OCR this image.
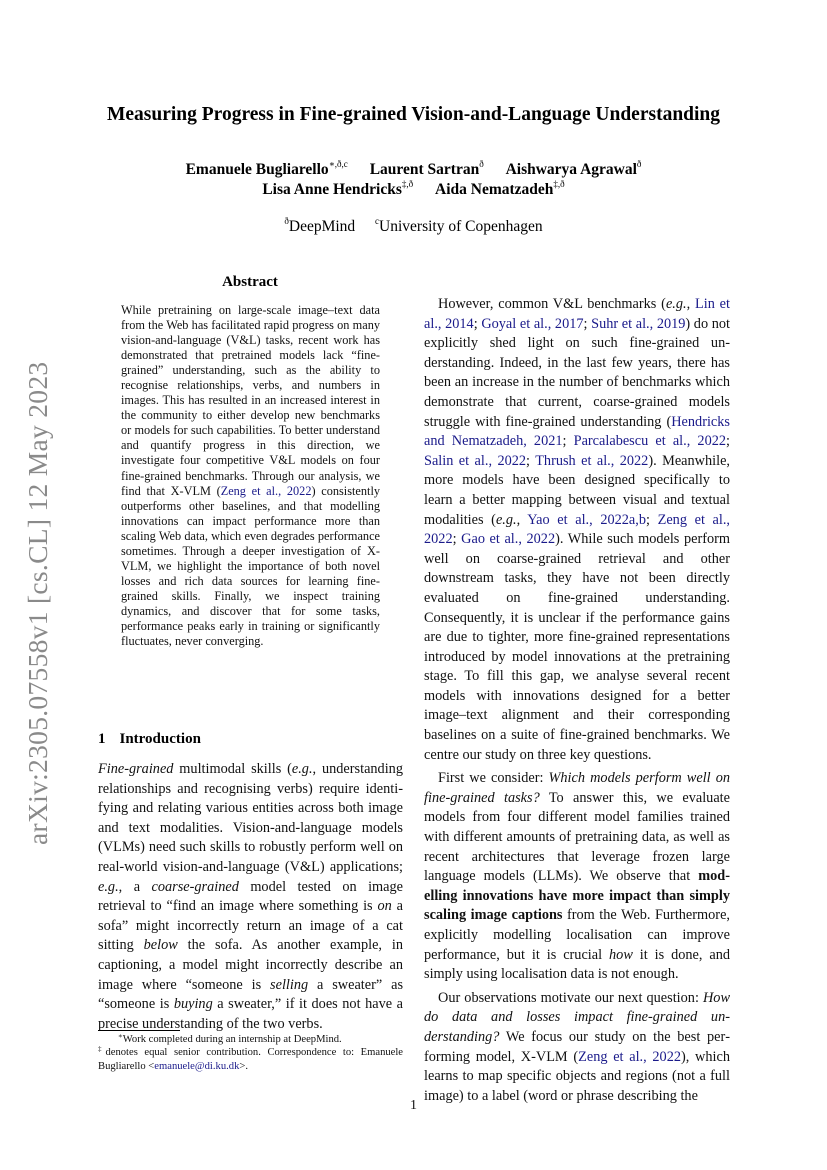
arXiv:2305.07558v1 [cs.CL] 12 May 2023
Measuring Progress in Fine-grained Vision-and-Language Understanding
Emanuele Bugliarello$^{∗,ð,c}$ Laurent Sartran$^ð$ Aishwarya Agrawal$^ð$
Lisa Anne Hendricks$^{\ddagger,ð}$ Aida Nematzadeh$^{\ddagger,ð}$
$^ð$DeepMind $^c$University of Copenhagen
Abstract
While pretraining on large-scale image–text data from the Web has facilitated rapid progress on many vision-and-language (V&L) tasks, recent work has demonstrated that pretrained models lack “fine-grained” understanding, such as the ability to recognise relationships, verbs, and numbers in images. This has resulted in an increased interest in the community to either develop new benchmarks or models for such capabilities. To better understand and quantify progress in this direction, we investigate four competitive V&L models on four fine-grained benchmarks. Through our analysis, we find that X-VLM (Zeng et al., 2022) consistently outperforms other baselines, and that modelling innovations can impact performance more than scaling Web data, which even degrades performance sometimes. Through a deeper investigation of X-VLM, we highlight the importance of both novel losses and rich data sources for learning fine-grained skills. Finally, we inspect training dynamics, and discover that for some tasks, performance peaks early in training or significantly fluctuates, never converging.
1 Introduction

Fine-grained multimodal skills (e.g., understanding relationships and recognising verbs) require identifying and relating various entities across both image and text modalities. Vision-and-language models (VLMs) need such skills to robustly perform well on real-world vision-and-language (V&L) applications; e.g., a coarse-grained model tested on image retrieval to “find an image where something is on a sofa” might incorrectly return an image of a cat sitting below the sofa. As another example, in captioning, a model might incorrectly describe an image where “someone is selling a sweater” as “someone is buying a sweater,” if it does not have a precise understanding of the two verbs.

∗Work completed during an internship at DeepMind.

‡denotes equal senior contribution. Correspondence to: Emanuele Bugliarello <emanuele@di.ku.dk>.

However, common V&L benchmarks (e.g., Lin et al., 2014; Goyal et al., 2017; Suhr et al., 2019) do not explicitly shed light on such fine-grained understanding. Indeed, in the last few years, there has been an increase in the number of benchmarks which demonstrate that current, coarse-grained models struggle with fine-grained understanding (Hendricks and Nematzadeh, 2021; Parcalabescu et al., 2022; Salin et al., 2022; Thrush et al., 2022). Meanwhile, more models have been designed specifically to learn a better mapping between visual and textual modalities (e.g., Yao et al., 2022a,b; Zeng et al., 2022; Gao et al., 2022). While such models perform well on coarse-grained retrieval and other downstream tasks, they have not been directly evaluated on fine-grained understanding. Consequently, it is unclear if the performance gains are due to tighter, more fine-grained representations introduced by model innovations at the pretraining stage. To fill this gap, we analyse several recent models with innovations designed for a better image–text alignment and their corresponding baselines on a suite of fine-grained benchmarks. We centre our study on three key questions.

First we consider: Which models perform well on fine-grained tasks? To answer this, we evaluate models from four different model families trained with different amounts of pretraining data, as well as recent architectures that leverage frozen large language models (LLMs). We observe that modelling innovations have more impact than simply scaling image captions from the Web. Furthermore, explicitly modelling localisation can improve performance, but it is crucial how it is done, and simply using localisation data is not enough.

Our observations motivate our next question: How do data and losses impact fine-grained understanding? We focus our study on the best performing model, X-VLM (Zeng et al., 2022), which learns to map specific objects and regions (not a full image) to a label (word or phrase describing the

1
